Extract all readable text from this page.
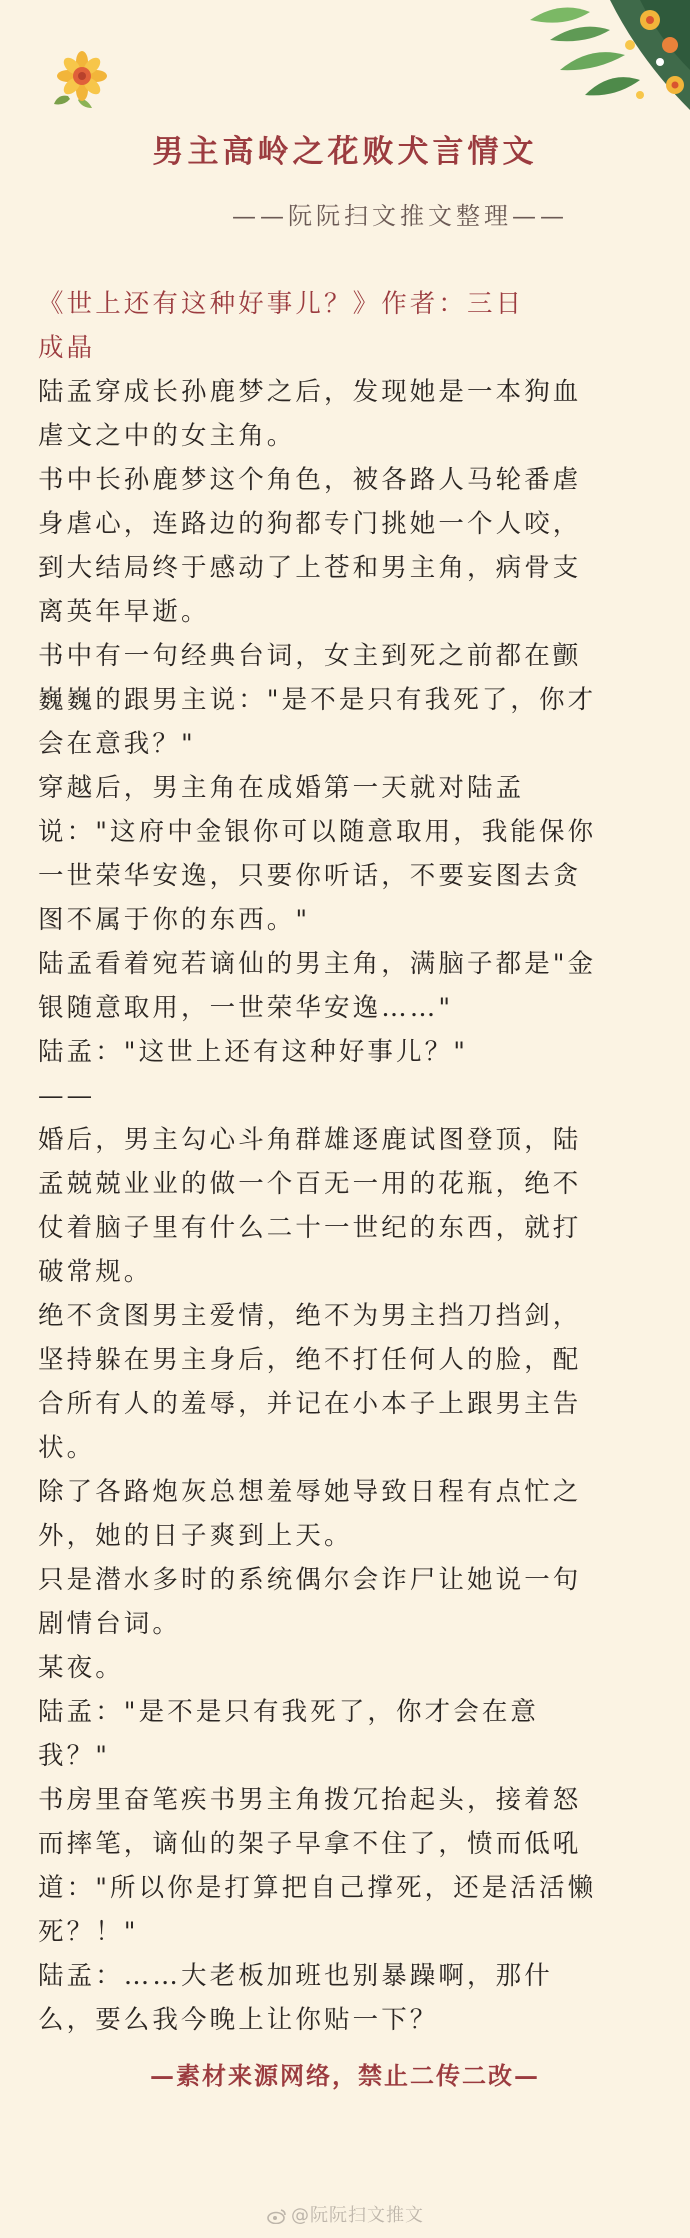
男主高岭之花败犬言情文
——阮阮扫文推文整理——
《世上还有这种好事儿？》作者：三日
成晶
陆孟穿成长孙鹿梦之后，发现她是一本狗血
虐文之中的女主角。
书中长孙鹿梦这个角色，被各路人马轮番虐
身虐心，连路边的狗都专门挑她一个人咬，
到大结局终于感动了上苍和男主角，病骨支
离英年早逝。
书中有一句经典台词，女主到死之前都在颤
巍巍的跟男主说："是不是只有我死了，你才
会在意我？"
穿越后，男主角在成婚第一天就对陆孟
说："这府中金银你可以随意取用，我能保你
一世荣华安逸，只要你听话，不要妄图去贪
图不属于你的东西。"
陆孟看着宛若谪仙的男主角，满脑子都是"金
银随意取用，一世荣华安逸……"
陆孟："这世上还有这种好事儿？"
——
婚后，男主勾心斗角群雄逐鹿试图登顶，陆
孟兢兢业业的做一个百无一用的花瓶，绝不
仗着脑子里有什么二十一世纪的东西，就打
破常规。
绝不贪图男主爱情，绝不为男主挡刀挡剑，
坚持躲在男主身后，绝不打任何人的脸，配
合所有人的羞辱，并记在小本子上跟男主告
状。
除了各路炮灰总想羞辱她导致日程有点忙之
外，她的日子爽到上天。
只是潜水多时的系统偶尔会诈尸让她说一句
剧情台词。
某夜。
陆孟："是不是只有我死了，你才会在意
我？"
书房里奋笔疾书男主角拨冗抬起头，接着怒
而摔笔，谪仙的架子早拿不住了，愤而低吼
道："所以你是打算把自己撑死，还是活活懒
死？！"
陆孟：……大老板加班也别暴躁啊，那什
么，要么我今晚上让你贴一下？
—素材来源网络，禁止二传二改—
@阮阮扫文推文
